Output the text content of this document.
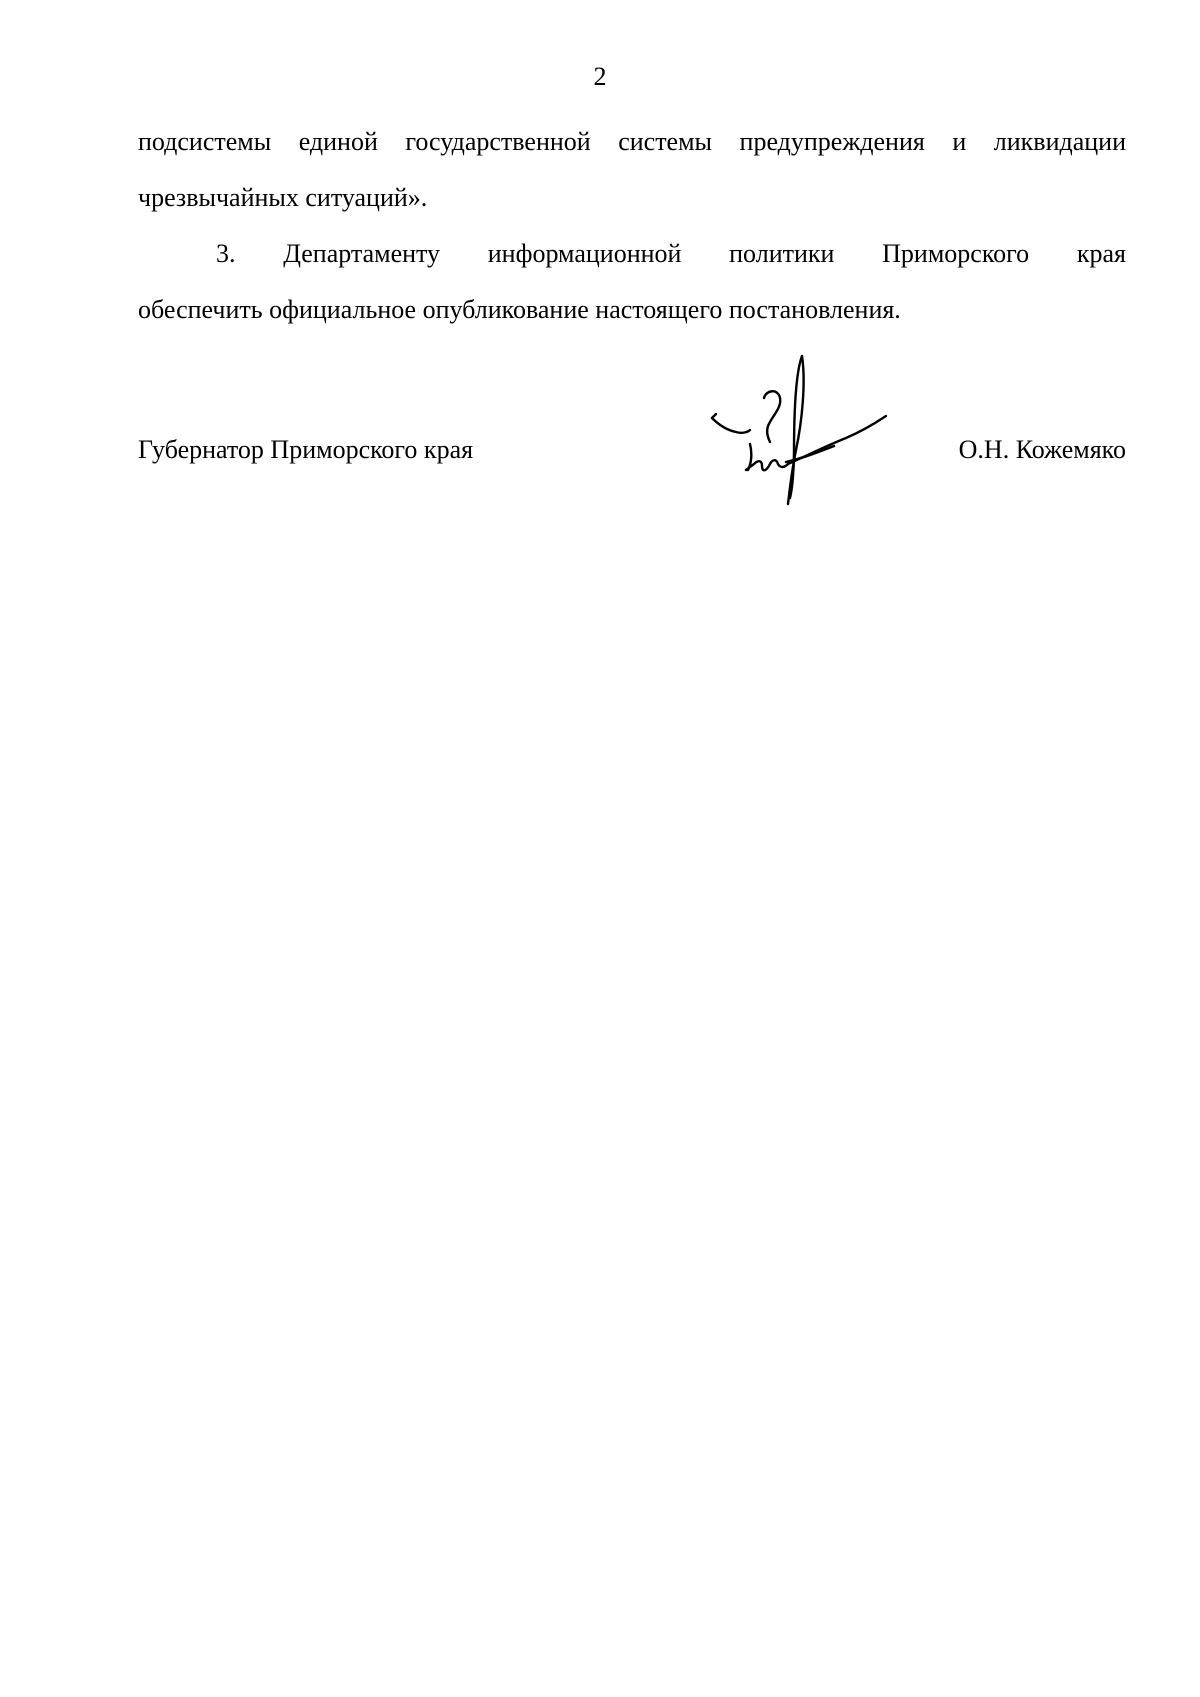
2

подсистемы единой государственной системы предупреждения и ликвидации
чрезвычайных ситуаций».

3. Департаменту информационной политики Приморского края
обеспечить официальное опубликование настоящего постановления.

Губернатор Приморского края	О.Н. Кожемяко
